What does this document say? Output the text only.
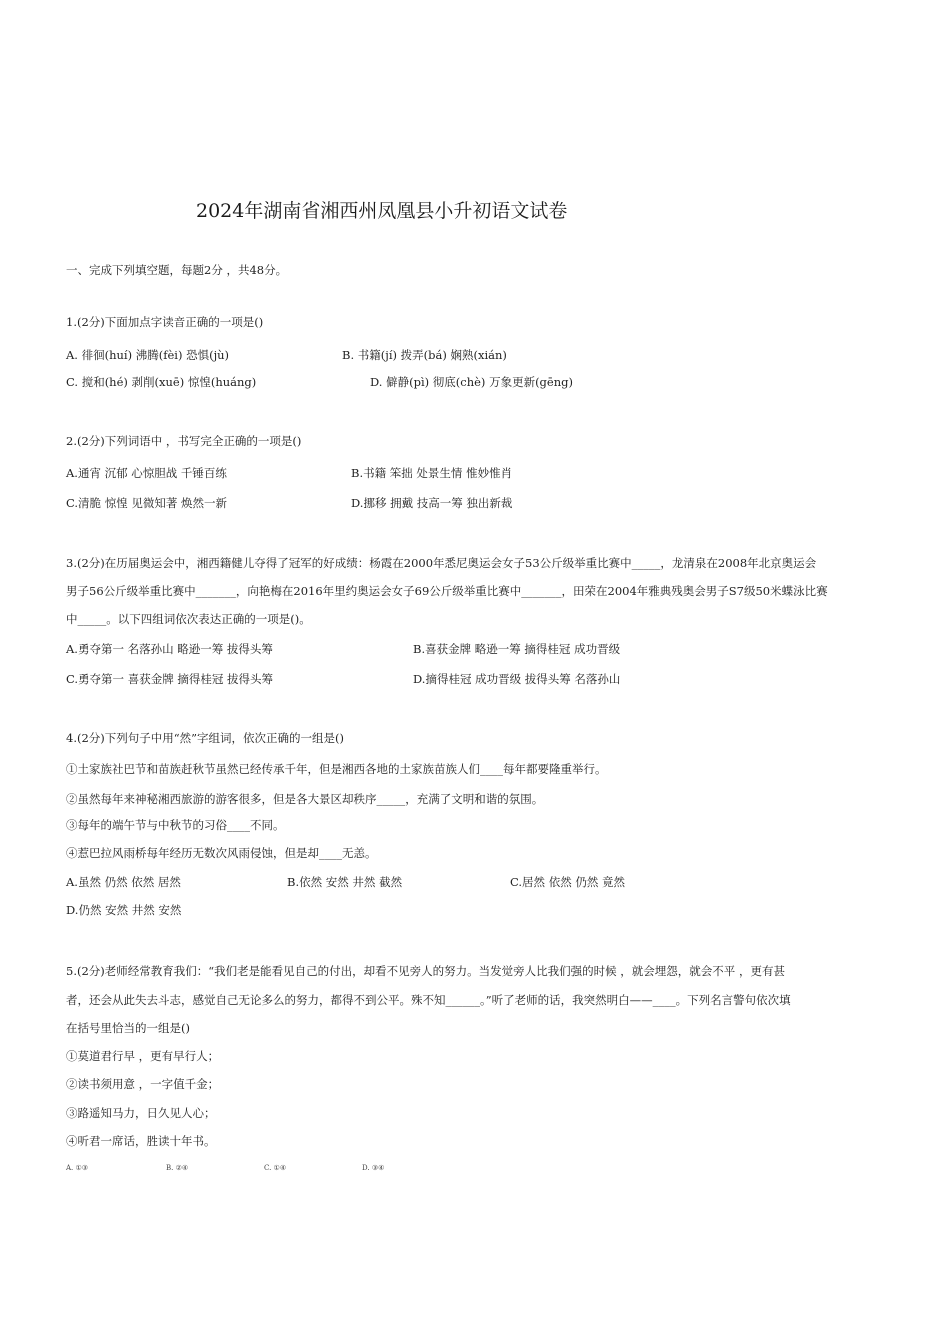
2024年湖南省湘西州凤凰县小升初语文试卷
一、完成下列填空题，每题2分 ，共48分。
1.(2分)下面加点字读音正确的一项是()
A. 徘徊(huí) 沸腾(fèi) 恐惧(jù)	B. 书籍(jí) 拨弄(bá) 娴熟(xián)
C. 搅和(hé) 剥削(xuē) 惊惶(huáng)	D. 僻静(pì) 彻底(chè) 万象更新(gēng)
2.(2分)下列词语中 ，书写完全正确的一项是()
A.通宵 沉郁 心惊胆战 千锤百练	B.书籍 笨拙 处景生情 惟妙惟肖
C.清脆 惊惶 见微知著 焕然一新	D.挪移 拥戴 技高一筹 独出新裁
3.(2分)在历届奥运会中，湘西籍健儿夺得了冠军的好成绩：杨霞在2000年悉尼奥运会女子53公斤级举重比赛中_____，龙清泉在2008年北京奥运会
男子56公斤级举重比赛中_______，向艳梅在2016年里约奥运会女子69公斤级举重比赛中_______，田荣在2004年雅典残奥会男子S7级50米蝶泳比赛
中_____。以下四组词依次表达正确的一项是()。
A.勇夺第一 名落孙山 略逊一筹 拔得头筹	B.喜获金牌 略逊一筹 摘得桂冠 成功晋级
C.勇夺第一 喜获金牌 摘得桂冠 拔得头筹	D.摘得桂冠 成功晋级 拔得头筹 名落孙山
4.(2分)下列句子中用“然”字组词，依次正确的一组是()
①土家族社巴节和苗族赶秋节虽然已经传承千年，但是湘西各地的土家族苗族人们____每年都要隆重举行。
②虽然每年来神秘湘西旅游的游客很多，但是各大景区却秩序_____，充满了文明和谐的氛围。
③每年的端午节与中秋节的习俗____不同。
④惹巴拉风雨桥每年经历无数次风雨侵蚀，但是却____无恙。
A.虽然 仍然 依然 居然	B.依然 安然 井然 截然	C.居然 依然 仍然 竟然
D.仍然 安然 井然 安然
5.(2分)老师经常教育我们：“我们老是能看见自己的付出，却看不见旁人的努力。当发觉旁人比我们强的时候 ，就会埋怨，就会不平 ，更有甚
者，还会从此失去斗志，感觉自己无论多么的努力，都得不到公平。殊不知______。”听了老师的话，我突然明白——____。下列名言警句依次填
在括号里恰当的一组是()
①莫道君行早 ，更有早行人；
②读书须用意 ，一字值千金；
③路遥知马力，日久见人心；
④听君一席话，胜读十年书。
A. ①③	B. ②④	C. ①④	D. ③④
